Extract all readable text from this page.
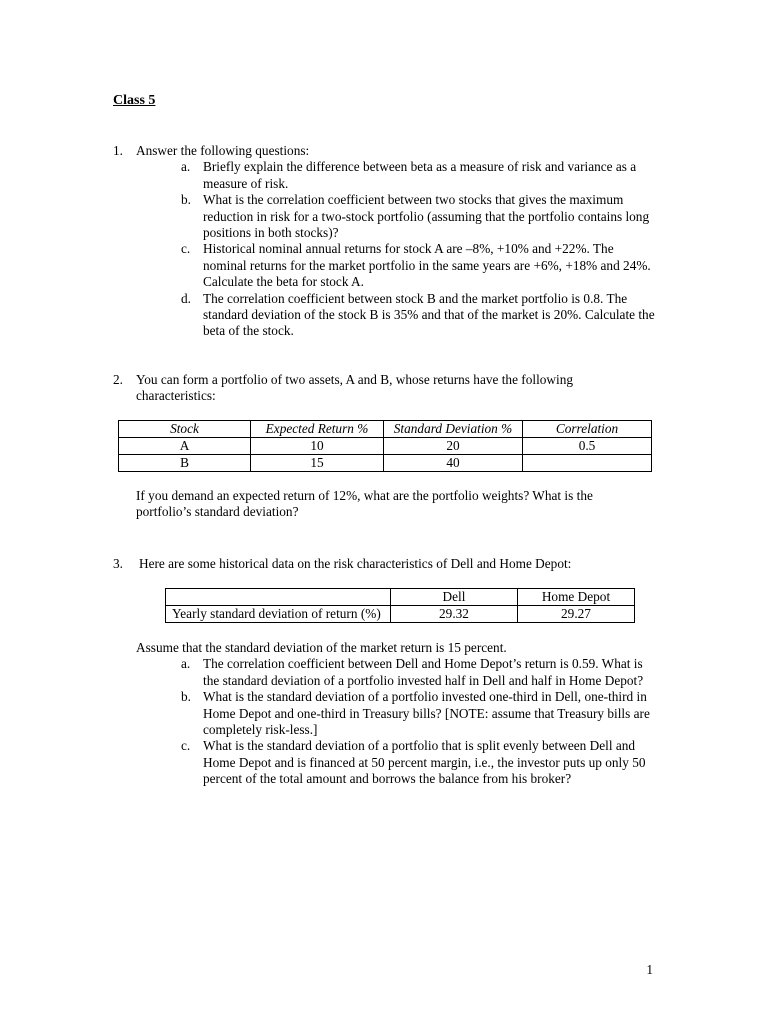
Class 5
1. Answer the following questions:
a. Briefly explain the difference between beta as a measure of risk and variance as a measure of risk.
b. What is the correlation coefficient between two stocks that gives the maximum reduction in risk for a two-stock portfolio (assuming that the portfolio contains long positions in both stocks)?
c. Historical nominal annual returns for stock A are –8%, +10% and +22%. The nominal returns for the market portfolio in the same years are +6%, +18% and 24%. Calculate the beta for stock A.
d. The correlation coefficient between stock B and the market portfolio is 0.8. The standard deviation of the stock B is 35% and that of the market is 20%. Calculate the beta of the stock.
2. You can form a portfolio of two assets, A and B, whose returns have the following characteristics:
Stock	Expected Return %	Standard Deviation %	Correlation
A	10	20	0.5
B	15	40	
If you demand an expected return of 12%, what are the portfolio weights? What is the portfolio’s standard deviation?
3. Here are some historical data on the risk characteristics of Dell and Home Depot:
	Dell	Home Depot
Yearly standard deviation of return (%)	29.32	29.27
Assume that the standard deviation of the market return is 15 percent.
a. The correlation coefficient between Dell and Home Depot’s return is 0.59. What is the standard deviation of a portfolio invested half in Dell and half in Home Depot?
b. What is the standard deviation of a portfolio invested one-third in Dell, one-third in Home Depot and one-third in Treasury bills? [NOTE: assume that Treasury bills are completely risk-less.]
c. What is the standard deviation of a portfolio that is split evenly between Dell and Home Depot and is financed at 50 percent margin, i.e., the investor puts up only 50 percent of the total amount and borrows the balance from his broker?
1
